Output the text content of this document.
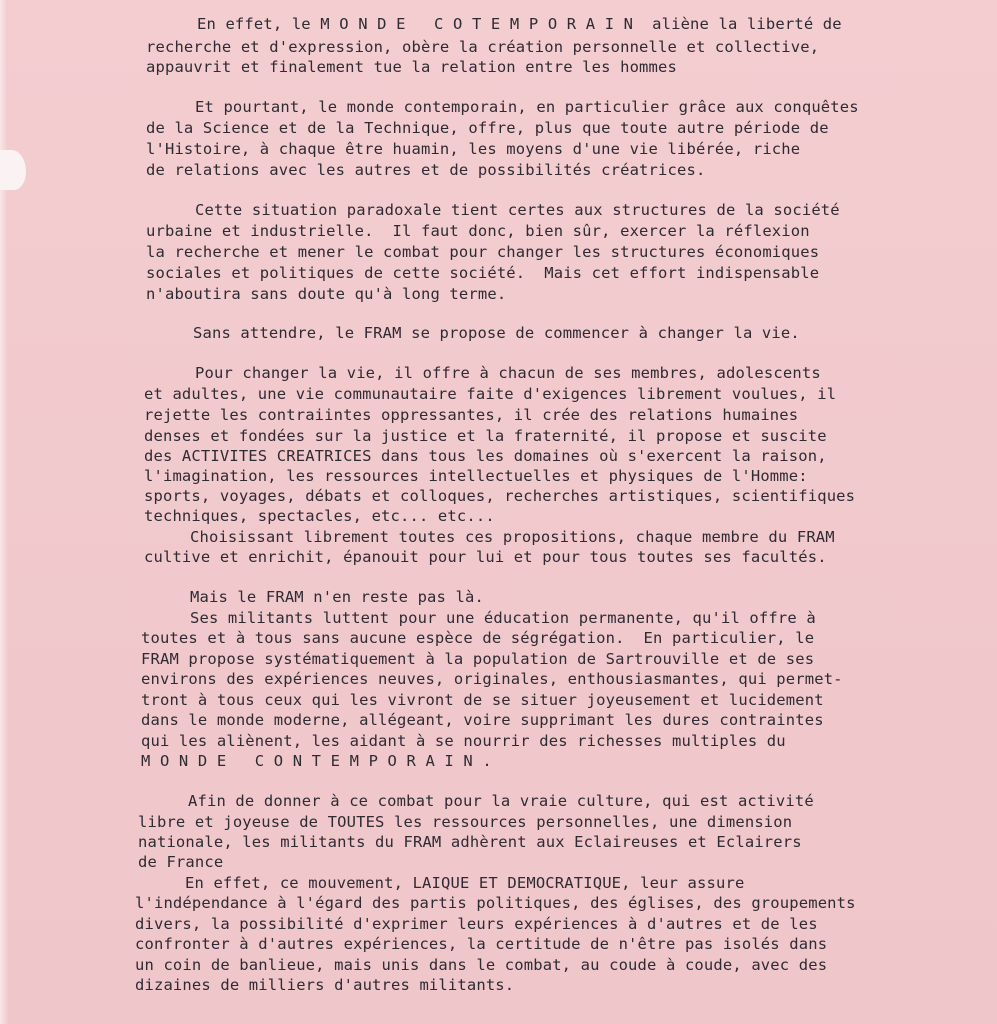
En effet, le M O N D E   C O T E M P O R A I N  aliène la liberté de
recherche et d'expression, obère la création personnelle et collective,
appauvrit et finalement tue la relation entre les hommes
Et pourtant, le monde contemporain, en particulier grâce aux conquêtes
de la Science et de la Technique, offre, plus que toute autre période de
l'Histoire, à chaque être huamin, les moyens d'une vie libérée, riche
de relations avec les autres et de possibilités créatrices.
Cette situation paradoxale tient certes aux structures de la société
urbaine et industrielle.  Il faut donc, bien sûr, exercer la réflexion
la recherche et mener le combat pour changer les structures économiques
sociales et politiques de cette société.  Mais cet effort indispensable
n'aboutira sans doute qu'à long terme.
Sans attendre, le FRAM se propose de commencer à changer la vie.
Pour changer la vie, il offre à chacun de ses membres, adolescents
et adultes, une vie communautaire faite d'exigences librement voulues, il
rejette les contraiintes oppressantes, il crée des relations humaines
denses et fondées sur la justice et la fraternité, il propose et suscite
des ACTIVITES CREATRICES dans tous les domaines où s'exercent la raison,
l'imagination, les ressources intellectuelles et physiques de l'Homme:
sports, voyages, débats et colloques, recherches artistiques, scientifiques
techniques, spectacles, etc... etc...
Choisissant librement toutes ces propositions, chaque membre du FRAM
cultive et enrichit, épanouit pour lui et pour tous toutes ses facultés.
Mais le FRAM n'en reste pas là.
Ses militants luttent pour une éducation permanente, qu'il offre à
toutes et à tous sans aucune espèce de ségrégation.  En particulier, le
FRAM propose systématiquement à la population de Sartrouville et de ses
environs des expériences neuves, originales, enthousiasmantes, qui permet-
tront à tous ceux qui les vivront de se situer joyeusement et lucidement
dans le monde moderne, allégeant, voire supprimant les dures contraintes
qui les aliènent, les aidant à se nourrir des richesses multiples du
M O N D E   C O N T E M P O R A I N .
Afin de donner à ce combat pour la vraie culture, qui est activité
libre et joyeuse de TOUTES les ressources personnelles, une dimension
nationale, les militants du FRAM adhèrent aux Eclaireuses et Eclairers
de France
En effet, ce mouvement, LAIQUE ET DEMOCRATIQUE, leur assure
l'indépendance à l'égard des partis politiques, des églises, des groupements
divers, la possibilité d'exprimer leurs expériences à d'autres et de les
confronter à d'autres expériences, la certitude de n'être pas isolés dans
un coin de banlieue, mais unis dans le combat, au coude à coude, avec des
dizaines de milliers d'autres militants.
